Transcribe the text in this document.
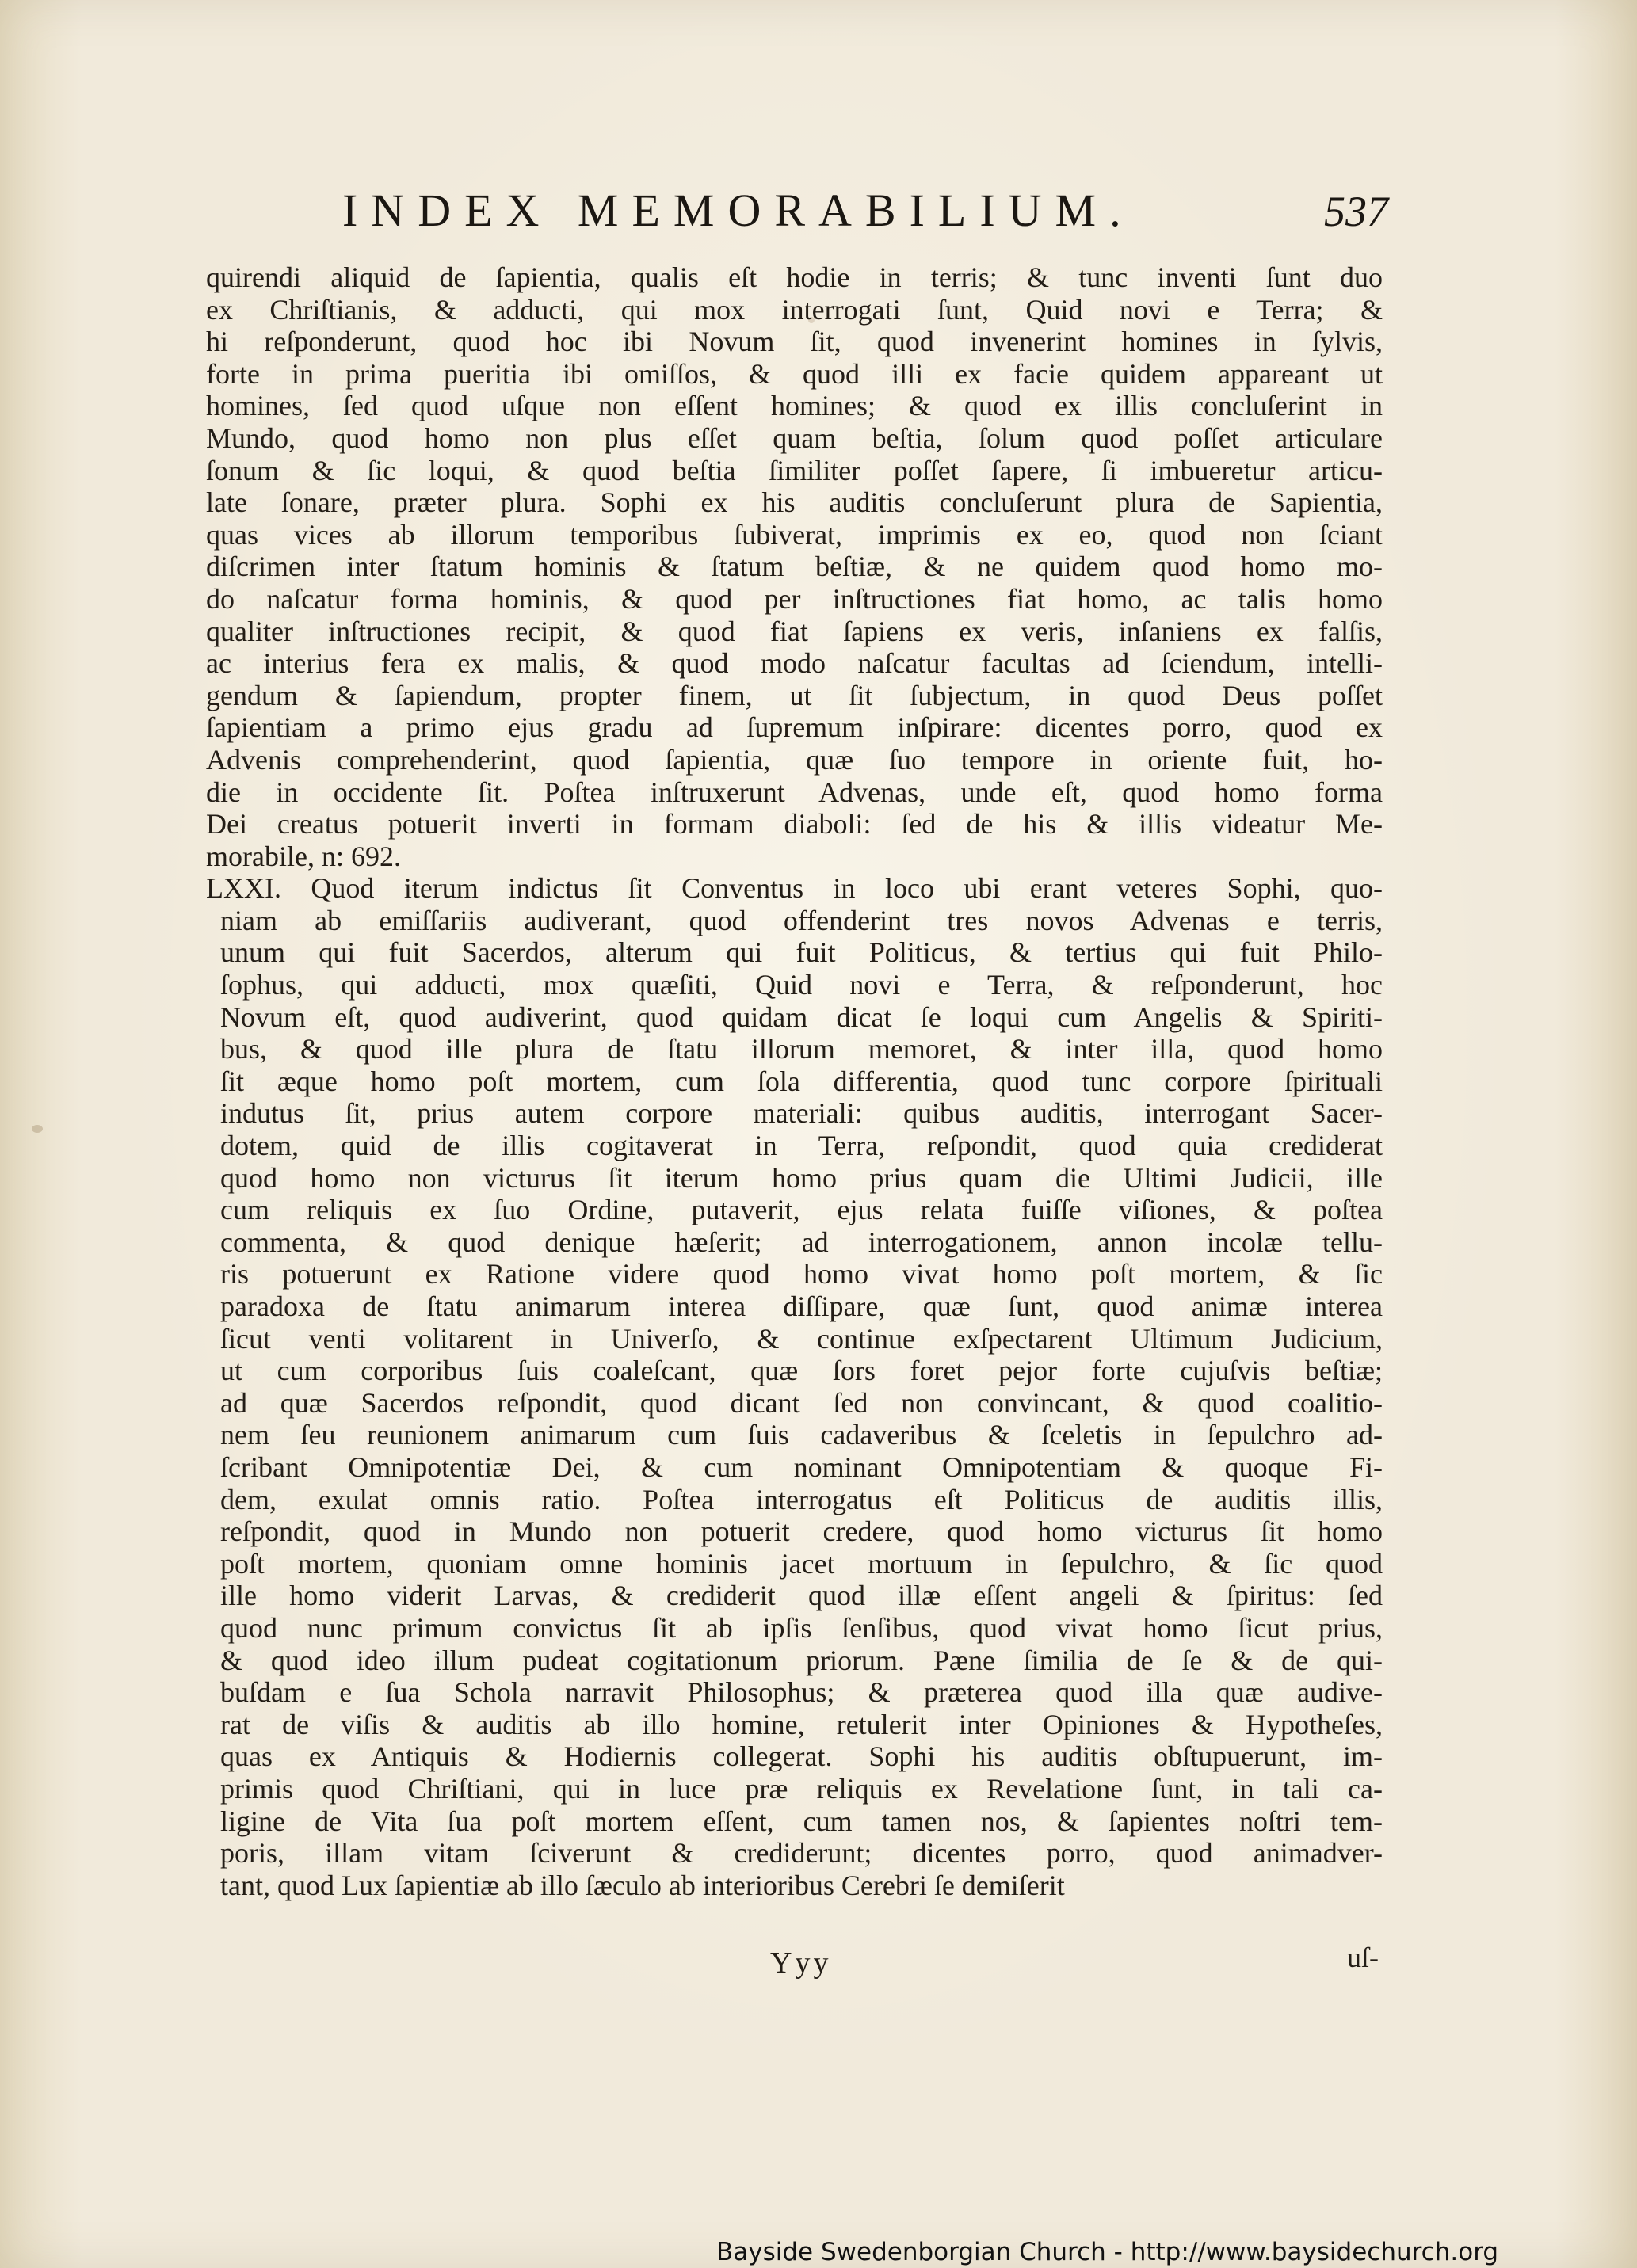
INDEX MEMORABILIUM.	537
quirendi aliquid de ſapientia, qualis eſt hodie in terris; & tunc inventi ſunt duo
ex Chriſtianis, & adducti, qui mox interrogati ſunt, Quid novi e Terra; &
hi reſponderunt, quod hoc ibi Novum ſit, quod invenerint homines in ſylvis,
forte in prima pueritia ibi omiſſos, & quod illi ex facie quidem appareant ut
homines, ſed quod uſque non eſſent homines; & quod ex illis concluſerint in
Mundo, quod homo non plus eſſet quam beſtia, ſolum quod poſſet articulare
ſonum & ſic loqui, & quod beſtia ſimiliter poſſet ſapere, ſi imbueretur articu-
late ſonare, præter plura. Sophi ex his auditis concluſerunt plura de Sapientia,
quas vices ab illorum temporibus ſubiverat, imprimis ex eo, quod non ſciant
diſcrimen inter ſtatum hominis & ſtatum beſtiæ, & ne quidem quod homo mo-
do naſcatur forma hominis, & quod per inſtructiones fiat homo, ac talis homo
qualiter inſtructiones recipit, & quod fiat ſapiens ex veris, inſaniens ex falſis,
ac interius fera ex malis, & quod modo naſcatur facultas ad ſciendum, intelli-
gendum & ſapiendum, propter finem, ut ſit ſubjectum, in quod Deus poſſet
ſapientiam a primo ejus gradu ad ſupremum inſpirare: dicentes porro, quod ex
Advenis comprehenderint, quod ſapientia, quæ ſuo tempore in oriente fuit, ho-
die in occidente ſit. Poſtea inſtruxerunt Advenas, unde eſt, quod homo forma
Dei creatus potuerit inverti in formam diaboli: ſed de his & illis videatur Me-
morabile, n: 692.
LXXI. Quod iterum indictus ſit Conventus in loco ubi erant veteres Sophi, quo-
niam ab emiſſariis audiverant, quod offenderint tres novos Advenas e terris,
unum qui fuit Sacerdos, alterum qui fuit Politicus, & tertius qui fuit Philo-
ſophus, qui adducti, mox quæſiti, Quid novi e Terra, & reſponderunt, hoc
Novum eſt, quod audiverint, quod quidam dicat ſe loqui cum Angelis & Spiriti-
bus, & quod ille plura de ſtatu illorum memoret, & inter illa, quod homo
ſit æque homo poſt mortem, cum ſola differentia, quod tunc corpore ſpirituali
indutus ſit, prius autem corpore materiali: quibus auditis, interrogant Sacer-
dotem, quid de illis cogitaverat in Terra, reſpondit, quod quia crediderat
quod homo non victurus ſit iterum homo prius quam die Ultimi Judicii, ille
cum reliquis ex ſuo Ordine, putaverit, ejus relata fuiſſe viſiones, & poſtea
commenta, & quod denique hæſerit; ad interrogationem, annon incolæ tellu-
ris potuerunt ex Ratione videre quod homo vivat homo poſt mortem, & ſic
paradoxa de ſtatu animarum interea diſſipare, quæ ſunt, quod animæ interea
ſicut venti volitarent in Univerſo, & continue exſpectarent Ultimum Judicium,
ut cum corporibus ſuis coaleſcant, quæ ſors foret pejor forte cujuſvis beſtiæ;
ad quæ Sacerdos reſpondit, quod dicant ſed non convincant, & quod coalitio-
nem ſeu reunionem animarum cum ſuis cadaveribus & ſceletis in ſepulchro ad-
ſcribant Omnipotentiæ Dei, & cum nominant Omnipotentiam & quoque Fi-
dem, exulat omnis ratio. Poſtea interrogatus eſt Politicus de auditis illis,
reſpondit, quod in Mundo non potuerit credere, quod homo victurus ſit homo
poſt mortem, quoniam omne hominis jacet mortuum in ſepulchro, & ſic quod
ille homo viderit Larvas, & crediderit quod illæ eſſent angeli & ſpiritus: ſed
quod nunc primum convictus ſit ab ipſis ſenſibus, quod vivat homo ſicut prius,
& quod ideo illum pudeat cogitationum priorum. Pæne ſimilia de ſe & de qui-
buſdam e ſua Schola narravit Philosophus; & præterea quod illa quæ audive-
rat de viſis & auditis ab illo homine, retulerit inter Opiniones & Hypotheſes,
quas ex Antiquis & Hodiernis collegerat. Sophi his auditis obſtupuerunt, im-
primis quod Chriſtiani, qui in luce præ reliquis ex Revelatione ſunt, in tali ca-
ligine de Vita ſua poſt mortem eſſent, cum tamen nos, & ſapientes noſtri tem-
poris, illam vitam ſciverunt & crediderunt; dicentes porro, quod animadver-
tant, quod Lux ſapientiæ ab illo ſæculo ab interioribus Cerebri ſe demiſerit
Yyy	uſ-
Bayside Swedenborgian Church - http://www.baysidechurch.org
